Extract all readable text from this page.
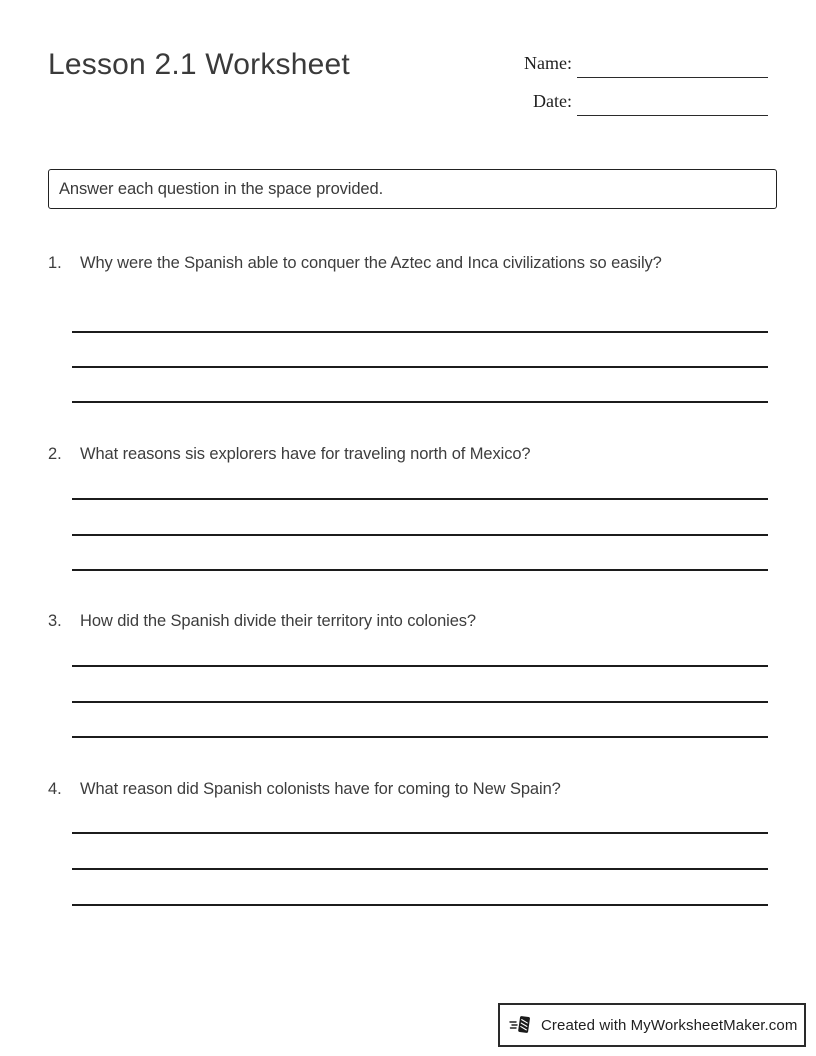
Lesson 2.1 Worksheet	Name:
Date:
Answer each question in the space provided.
1.	Why were the Spanish able to conquer the Aztec and Inca civilizations so easily?
2.	What reasons sis explorers have for traveling north of Mexico?
3.	How did the Spanish divide their territory into colonies?
4.	What reason did Spanish colonists have for coming to New Spain?
Created with MyWorksheetMaker.com
